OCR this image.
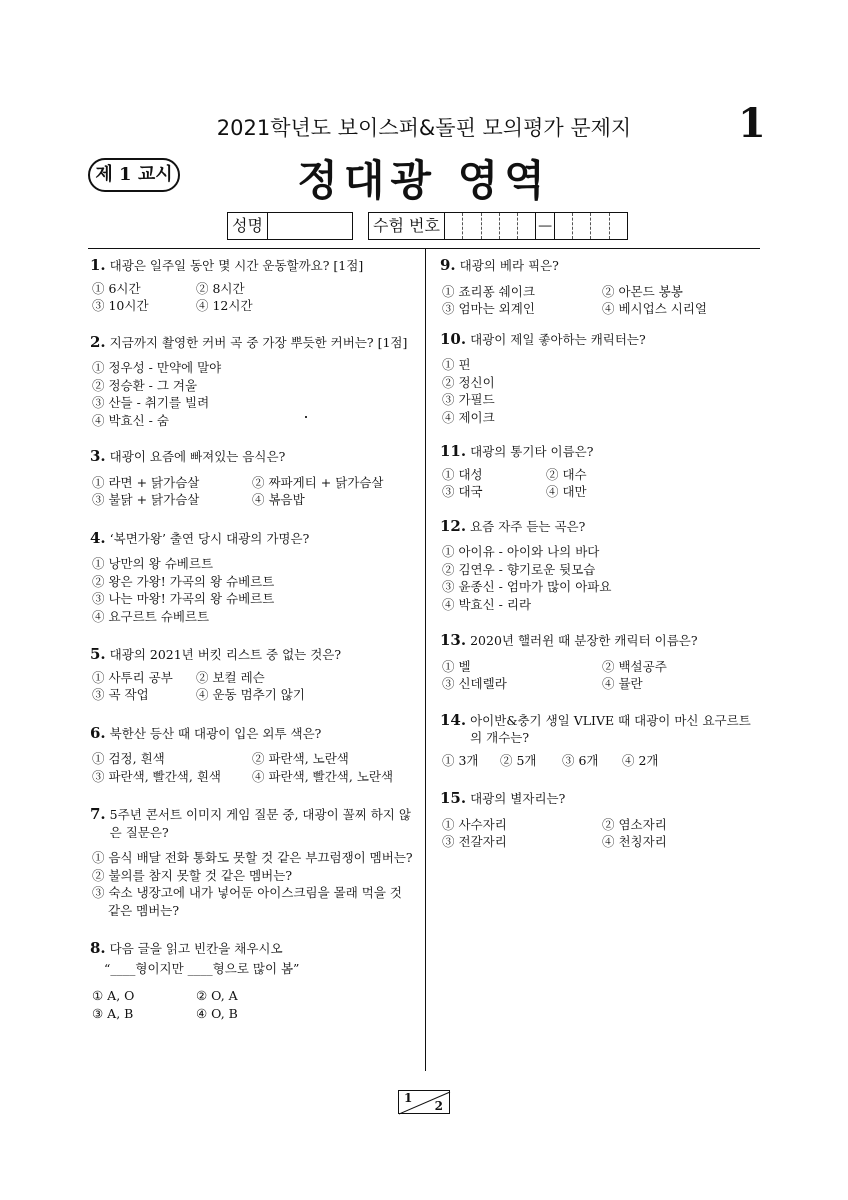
2021학년도 보이스퍼&돌핀 모의평가 문제지	1
제 1 교시	정대광 영역
성명	수험 번호	—
1. 대광은 일주일 동안 몇 시간 운동할까요? [1점]
① 6시간	② 8시간
③ 10시간	④ 12시간
2. 지금까지 촬영한 커버 곡 중 가장 뿌듯한 커버는? [1점]
① 정우성 - 만약에 말야
② 정승환 - 그 겨울
③ 산들 - 취기를 빌려
④ 박효신 - 숨
3. 대광이 요즘에 빠져있는 음식은?
① 라면 + 닭가슴살	② 짜파게티 + 닭가슴살
③ 불닭 + 닭가슴살	④ 볶음밥
4. ‘복면가왕’ 출연 당시 대광의 가명은?
① 낭만의 왕 슈베르트
② 왕은 가왕! 가곡의 왕 슈베르트
③ 나는 마왕! 가곡의 왕 슈베르트
④ 요구르트 슈베르트
5. 대광의 2021년 버킷 리스트 중 없는 것은?
① 사투리 공부	② 보컬 레슨
③ 곡 작업	④ 운동 멈추기 않기
6. 북한산 등산 때 대광이 입은 외투 색은?
① 검정, 흰색	② 파란색, 노란색
③ 파란색, 빨간색, 흰색	④ 파란색, 빨간색, 노란색
7. 5주년 콘서트 이미지 게임 질문 중, 대광이 꼴찌 하지 않은 질문은?
① 음식 배달 전화 통화도 못할 것 같은 부끄럼쟁이 멤버는?
② 불의를 참지 못할 것 같은 멤버는?
③ 숙소 냉장고에 내가 넣어둔 아이스크림을 몰래 먹을 것 같은 멤버는?
8. 다음 글을 읽고 빈칸을 채우시오
“____형이지만 ____형으로 많이 봄”
① A, O	② O, A
③ A, B	④ O, B
9. 대광의 베라 픽은?
① 죠리퐁 쉐이크	② 아몬드 봉봉
③ 엄마는 외계인	④ 베시업스 시리얼
10. 대광이 제일 좋아하는 캐릭터는?
① 핀
② 정신이
③ 가필드
④ 제이크
11. 대광의 통기타 이름은?
① 대성	② 대수
③ 대국	④ 대만
12. 요즘 자주 듣는 곡은?
① 아이유 - 아이와 나의 바다
② 김연우 - 향기로운 뒷모습
③ 윤종신 - 엄마가 많이 아파요
④ 박효신 - 리라
13. 2020년 핼러윈 때 분장한 캐릭터 이름은?
① 벨	② 백설공주
③ 신데렐라	④ 뮬란
14. 아이반&충기 생일 VLIVE 때 대광이 마신 요구르트의 개수는?
① 3개	② 5개	③ 6개	④ 2개
15. 대광의 별자리는?
① 사수자리	② 염소자리
③ 전갈자리	④ 천칭자리
1
2
